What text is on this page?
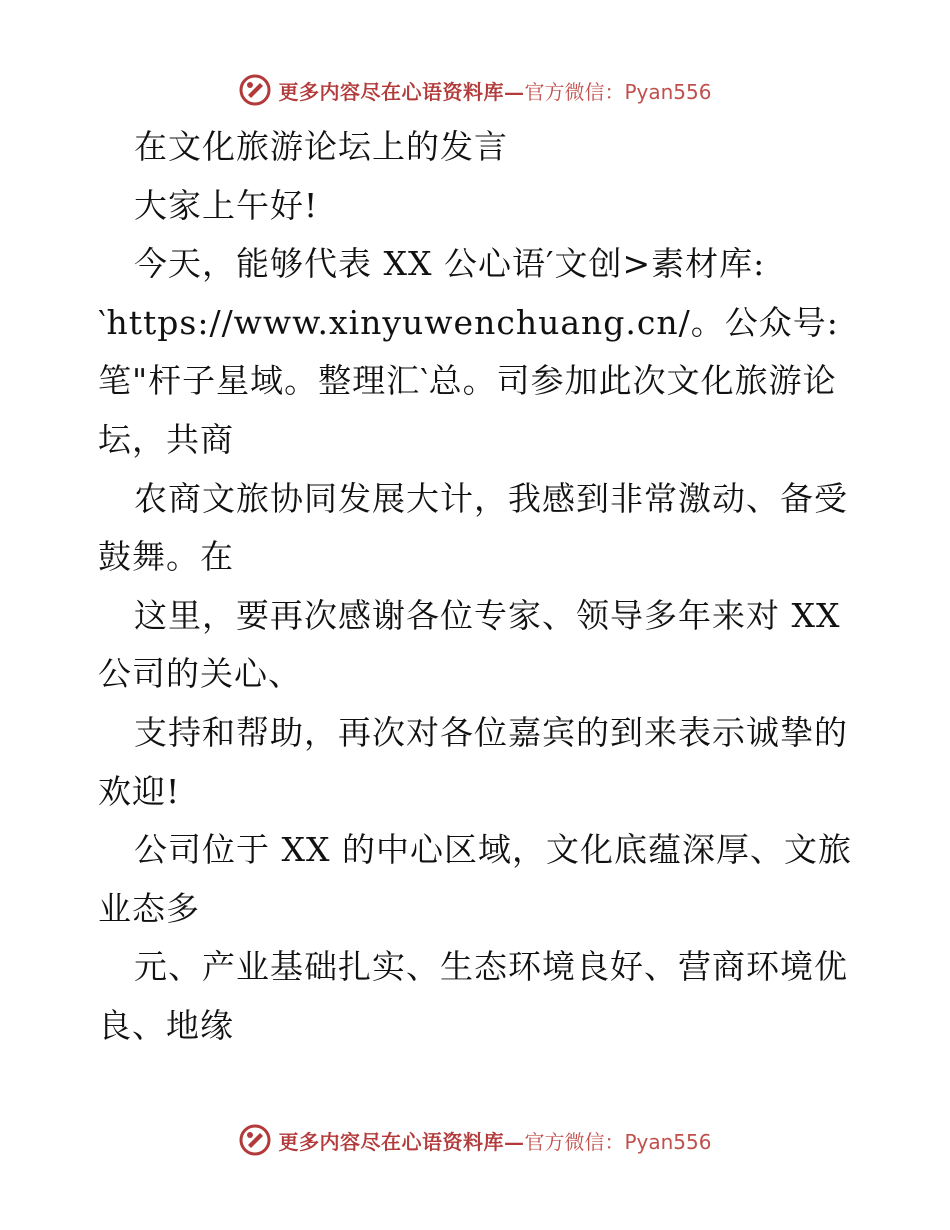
更多内容尽在心语资料库— 官方微信：Pyan556
在文化旅游论坛上的发言
大家上午好!
今天，能够代表 XX 公心语′文创>素材库:
‵https://www.xinyuwenchuang.cn/。公众号:
笔"杆子星域。整理汇‵总。司参加此次文化旅游论
坛，共商
农商文旅协同发展大计，我感到非常激动、备受
鼓舞。在
这里，要再次感谢各位专家、领导多年来对 XX
公司的关心、
支持和帮助，再次对各位嘉宾的到来表示诚挚的
欢迎!
公司位于 XX 的中心区域，文化底蕴深厚、文旅
业态多
元、产业基础扎实、生态环境良好、营商环境优
良、地缘
更多内容尽在心语资料库— 官方微信：Pyan556
